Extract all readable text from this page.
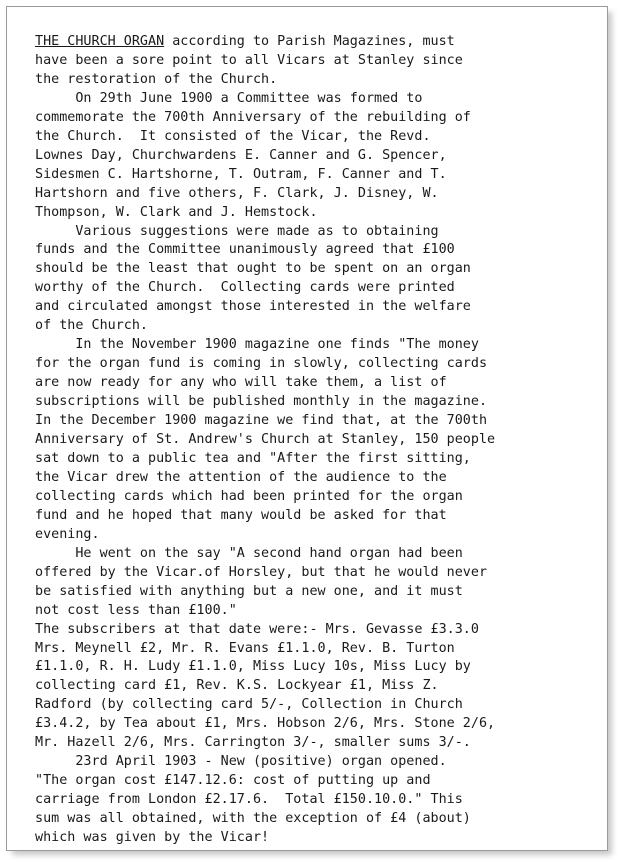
THE CHURCH ORGAN according to Parish Magazines, must
have been a sore point to all Vicars at Stanley since
the restoration of the Church.
On 29th June 1900 a Committee was formed to
commemorate the 700th Anniversary of the rebuilding of
the Church.  It consisted of the Vicar, the Revd.
Lownes Day, Churchwardens E. Canner and G. Spencer,
Sidesmen C. Hartshorne, T. Outram, F. Canner and T.
Hartshorn and five others, F. Clark, J. Disney, W.
Thompson, W. Clark and J. Hemstock.
Various suggestions were made as to obtaining
funds and the Committee unanimously agreed that £100
should be the least that ought to be spent on an organ
worthy of the Church.  Collecting cards were printed
and circulated amongst those interested in the welfare
of the Church.
In the November 1900 magazine one finds "The money
for the organ fund is coming in slowly, collecting cards
are now ready for any who will take them, a list of
subscriptions will be published monthly in the magazine.
In the December 1900 magazine we find that, at the 700th
Anniversary of St. Andrew's Church at Stanley, 150 people
sat down to a public tea and "After the first sitting,
the Vicar drew the attention of the audience to the
collecting cards which had been printed for the organ
fund and he hoped that many would be asked for that
evening.
He went on the say "A second hand organ had been
offered by the Vicar.of Horsley, but that he would never
be satisfied with anything but a new one, and it must
not cost less than £100."
The subscribers at that date were:- Mrs. Gevasse £3.3.0
Mrs. Meynell £2, Mr. R. Evans £1.1.0, Rev. B. Turton
£1.1.0, R. H. Ludy £1.1.0, Miss Lucy 10s, Miss Lucy by
collecting card £1, Rev. K.S. Lockyear £1, Miss Z.
Radford (by collecting card 5/-, Collection in Church
£3.4.2, by Tea about £1, Mrs. Hobson 2/6, Mrs. Stone 2/6,
Mr. Hazell 2/6, Mrs. Carrington 3/-, smaller sums 3/-.
23rd April 1903 - New (positive) organ opened.
"The organ cost £147.12.6: cost of putting up and
carriage from London £2.17.6.  Total £150.10.0." This
sum was all obtained, with the exception of £4 (about)
which was given by the Vicar!
